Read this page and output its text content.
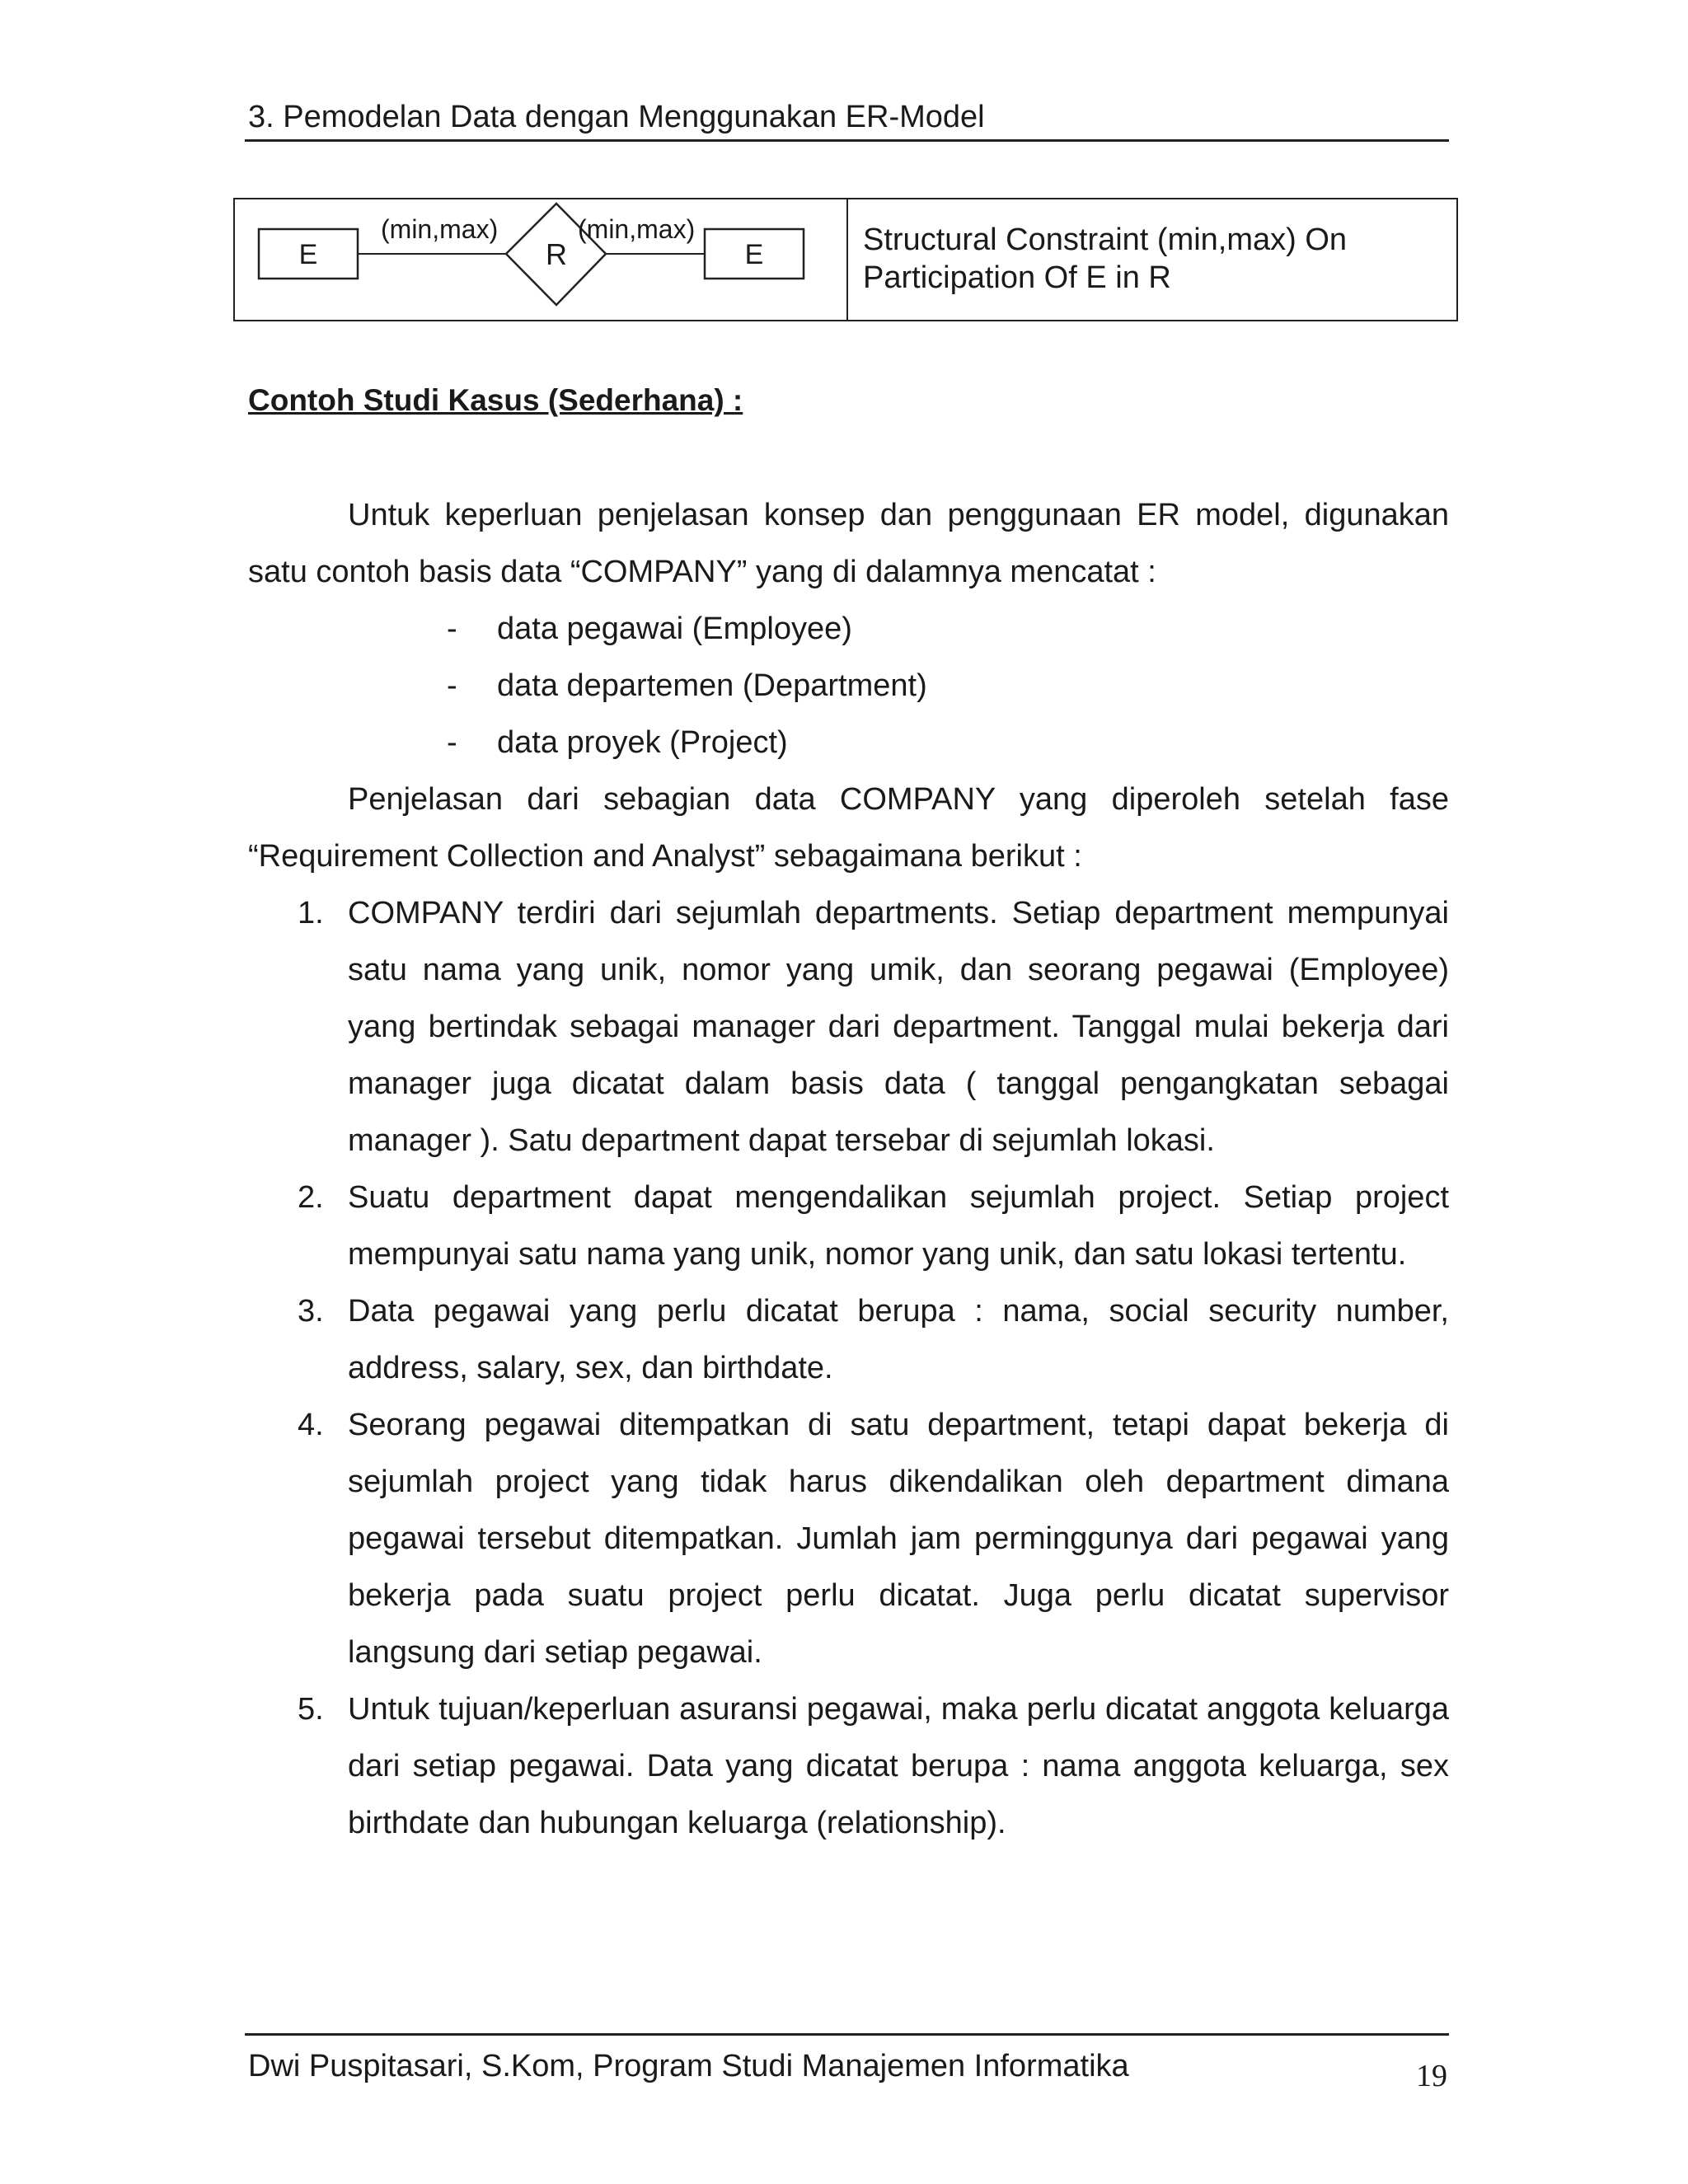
3. Pemodelan Data dengan Menggunakan ER-Model
E
(min,max)
R
(min,max)
E	Structural Constraint (min,max) On
Participation Of E in R
Contoh Studi Kasus (Sederhana) :
Untuk keperluan penjelasan konsep dan penggunaan ER model, digunakan satu contoh basis data “COMPANY” yang di dalamnya mencatat :
- data pegawai (Employee)
- data departemen (Department)
- data proyek (Project)
Penjelasan dari sebagian data COMPANY yang diperoleh setelah fase “Requirement Collection and Analyst” sebagaimana berikut :
1. COMPANY terdiri dari sejumlah departments. Setiap department mempunyai satu nama yang unik, nomor yang umik, dan seorang pegawai (Employee) yang bertindak sebagai manager dari department. Tanggal mulai bekerja dari manager juga dicatat dalam basis data ( tanggal pengangkatan sebagai manager ). Satu department dapat tersebar di sejumlah lokasi.
2. Suatu department dapat mengendalikan sejumlah project. Setiap project mempunyai satu nama yang unik, nomor yang unik, dan satu lokasi tertentu.
3. Data pegawai yang perlu dicatat berupa : nama, social security number, address, salary, sex, dan birthdate.
4. Seorang pegawai ditempatkan di satu department, tetapi dapat bekerja di sejumlah project yang tidak harus dikendalikan oleh department dimana pegawai tersebut ditempatkan. Jumlah jam perminggunya dari pegawai yang bekerja pada suatu project perlu dicatat. Juga perlu dicatat supervisor langsung dari setiap pegawai.
5. Untuk tujuan/keperluan asuransi pegawai, maka perlu dicatat anggota keluarga dari setiap pegawai. Data yang dicatat berupa : nama anggota keluarga, sex birthdate dan hubungan keluarga (relationship).
Dwi Puspitasari, S.Kom, Program Studi Manajemen Informatika	19
